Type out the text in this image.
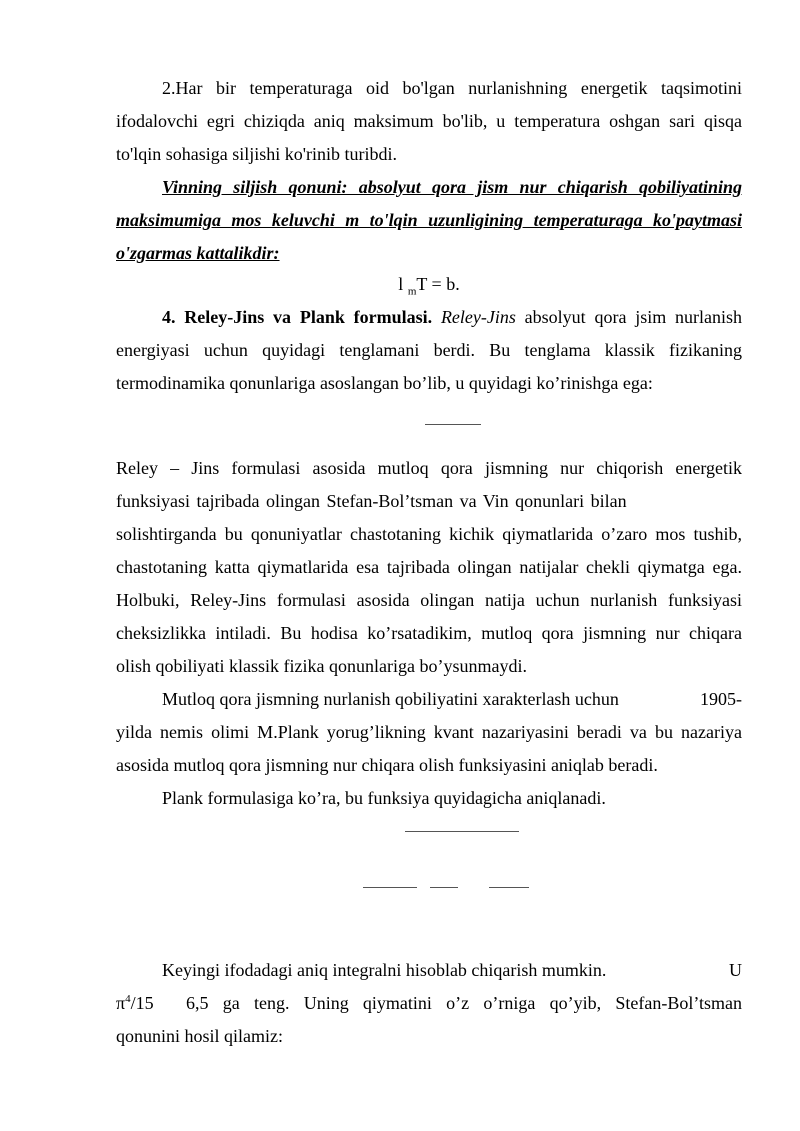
2.Har bir temperaturaga oid bo'lgan nurlanishning energetik taqsimotini
ifodalovchi egri chiziqda aniq maksimum bo'lib, u temperatura oshgan sari qisqa
to'lqin sohasiga siljishi ko'rinib turibdi.
Vinning siljish qonuni: absolyut qora jism nur chiqarish qobiliyatining
maksimumiga mos keluvchi m to'lqin uzunligining temperaturaga ko'paytmasi
o'zgarmas kattalikdir:
l $_m$T = b.
4. Reley-Jins va Plank formulasi. Reley-Jins absolyut qora jsim nurlanish
energiyasi uchun quyidagi tenglamani berdi. Bu tenglama klassik fizikaning
termodinamika qonunlariga asoslangan bo’lib, u quyidagi ko’rinishga ega:
Reley – Jins formulasi asosida mutloq qora jismning nur chiqorish energetik
funksiyasi tajribada olingan Stefan-Bol’tsman va Vin qonunlari bilan
solishtirganda bu qonuniyatlar chastotaning kichik qiymatlarida o’zaro mos tushib,
chastotaning katta qiymatlarida esa tajribada olingan natijalar chekli qiymatga ega.
Holbuki, Reley-Jins formulasi asosida olingan natija uchun nurlanish funksiyasi
cheksizlikka intiladi. Bu hodisa ko’rsatadikim, mutloq qora jismning nur chiqara
olish qobiliyati klassik fizika qonunlariga bo’ysunmaydi.
Mutloq qora jismning nurlanish qobiliyatini xarakterlash uchun	1905-
yilda nemis olimi M.Plank yorug’likning kvant nazariyasini beradi va bu nazariya
asosida mutloq qora jismning nur chiqara olish funksiyasini aniqlab beradi.
Plank formulasiga ko’ra, bu funksiya quyidagicha aniqlanadi.
Keyingi ifodadagi aniq integralni hisoblab chiqarish mumkin.	U
$\pi^4/15$	6,5 ga teng. Uning qiymatini o’z o’rniga qo’yib, Stefan-Bol’tsman
qonunini hosil qilamiz:
